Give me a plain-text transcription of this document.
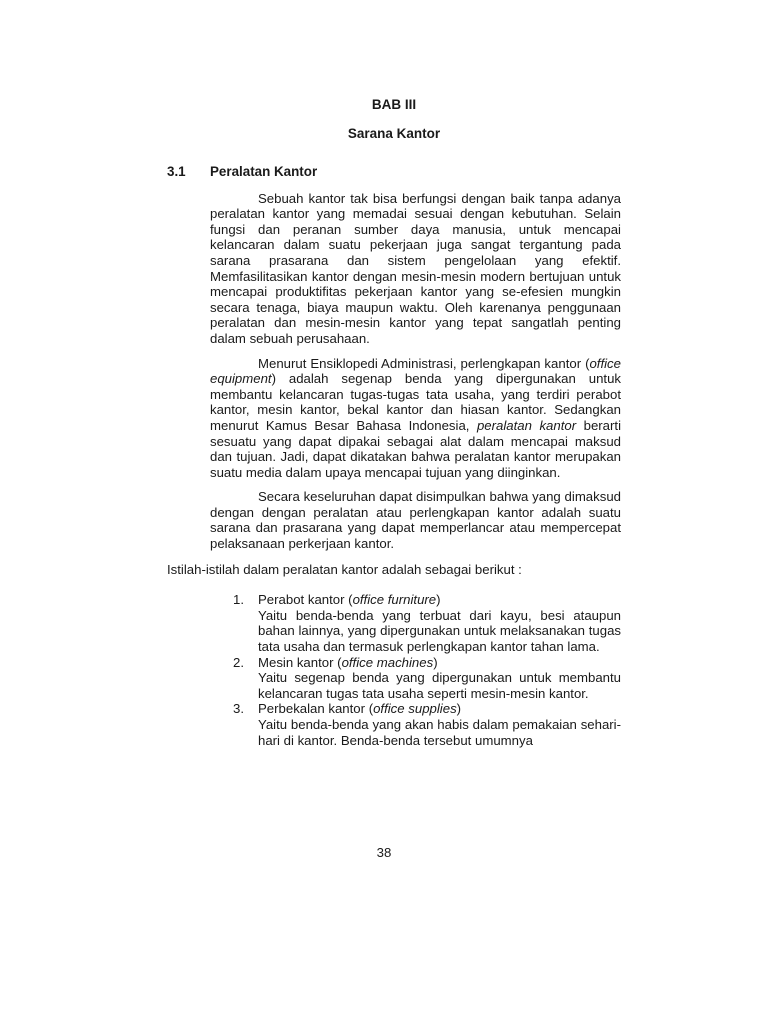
BAB III
Sarana Kantor
3.1	Peralatan Kantor

Sebuah kantor tak bisa berfungsi dengan baik tanpa adanya peralatan kantor yang memadai sesuai dengan kebutuhan. Selain fungsi dan peranan sumber daya manusia, untuk mencapai kelancaran dalam suatu pekerjaan juga sangat tergantung pada sarana prasarana dan sistem pengelolaan yang efektif. Memfasilitasikan kantor dengan mesin-mesin modern bertujuan untuk mencapai produktifitas pekerjaan kantor yang se-efesien mungkin secara tenaga, biaya maupun waktu. Oleh karenanya penggunaan peralatan dan mesin-mesin kantor yang tepat sangatlah penting dalam sebuah perusahaan.

Menurut Ensiklopedi Administrasi, perlengkapan kantor (office equipment) adalah segenap benda yang dipergunakan untuk membantu kelancaran tugas-tugas tata usaha, yang terdiri perabot kantor, mesin kantor, bekal kantor dan hiasan kantor. Sedangkan menurut Kamus Besar Bahasa Indonesia, peralatan kantor berarti sesuatu yang dapat dipakai sebagai alat dalam mencapai maksud dan tujuan. Jadi, dapat dikatakan bahwa peralatan kantor merupakan suatu media dalam upaya mencapai tujuan yang diinginkan.

Secara keseluruhan dapat disimpulkan bahwa yang dimaksud dengan dengan peralatan atau perlengkapan kantor adalah suatu sarana dan prasarana yang dapat memperlancar atau mempercepat pelaksanaan perkerjaan kantor.

Istilah-istilah dalam peralatan kantor adalah sebagai berikut :
1.	Perabot kantor (office furniture)
Yaitu benda-benda yang terbuat dari kayu, besi ataupun bahan lainnya, yang dipergunakan untuk melaksanakan tugas tata usaha dan termasuk perlengkapan kantor tahan lama.
2.	Mesin kantor (office machines)
Yaitu segenap benda yang dipergunakan untuk membantu kelancaran tugas tata usaha seperti mesin-mesin kantor.
3.	Perbekalan kantor (office supplies)
Yaitu benda-benda yang akan habis dalam pemakaian sehari-hari di kantor. Benda-benda tersebut umumnya
38
